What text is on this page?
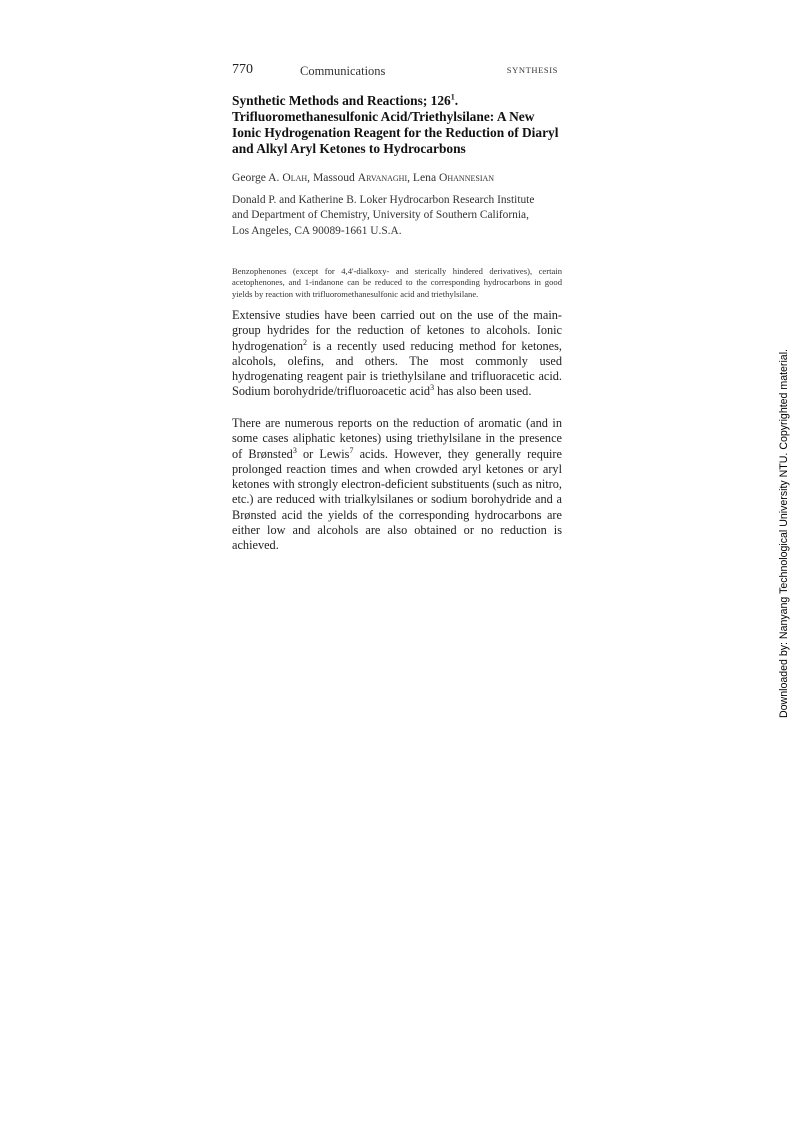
770	Communications	SYNTHESIS
Synthetic Methods and Reactions; $126^1$. Trifluoromethanesulfonic Acid/Triethylsilane: A New Ionic Hydrogenation Reagent for the Reduction of Diaryl and Alkyl Aryl Ketones to Hydrocarbons

George A. Olah, Massoud Arvanaghi, Lena Ohannesian

Donald P. and Katherine B. Loker Hydrocarbon Research Institute
and Department of Chemistry, University of Southern California,
Los Angeles, CA 90089-1661 U.S.A.

Benzophenones (except for 4,4'-dialkoxy- and sterically hindered derivatives), certain acetophenones, and 1-indanone can be reduced to the corresponding hydrocarbons in good yields by reaction with trifluoromethanesulfonic acid and triethylsilane.

Extensive studies have been carried out on the use of the main-group hydrides for the reduction of ketones to alcohols. Ionic hydrogenation$^2$ is a recently used reducing method for ketones, alcohols, olefins, and others. The most commonly used hydrogenating reagent pair is triethylsilane and trifluoracetic acid. Sodium borohydride/trifluoroacetic acid$^3$ has also been used.

There are numerous reports on the reduction of aromatic (and in some cases aliphatic ketones) using triethylsilane in the presence of Brønsted$^3$ or Lewis$^7$ acids. However, they generally require prolonged reaction times and when crowded aryl ketones or aryl ketones with strongly electron-deficient substituents (such as nitro, etc.) are reduced with trialkylsilanes or sodium borohydride and a Brønsted acid the yields of the corresponding hydrocarbons are either low and alcohols are also obtained or no reduction is achieved.	Downloaded by: Nanyang Technological University NTU. Copyrighted material.
